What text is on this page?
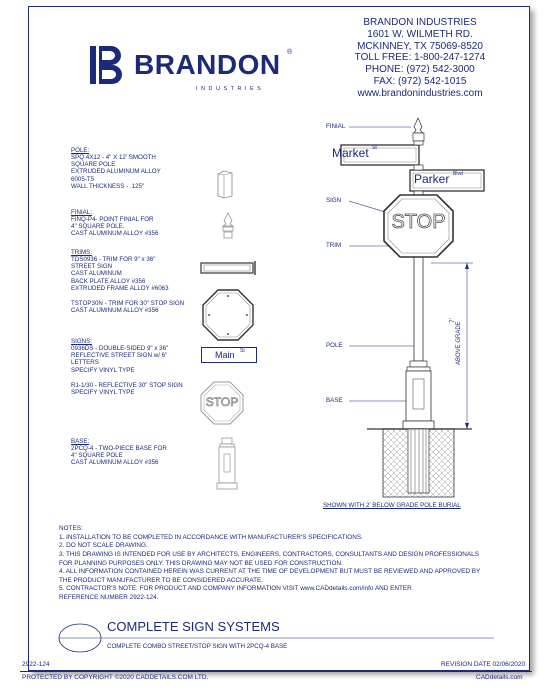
BRANDON ®
INDUSTRIES
BRANDON INDUSTRIES
1601 W. WILMETH RD.
MCKINNEY, TX 75069-8520
TOLL FREE: 1-800-247-1274
PHONE: (972) 542-3000
FAX: (972) 542-1015
www.brandonindustries.com
POLE:
SPQ 4X12 - 4" X 12' SMOOTH
SQUARE POLE
EXTRUDED ALUMINUM ALLOY
6005-T5
WALL THICKNESS - .125"
FINIAL:
FINQ-P4- POINT FINIAL FOR
4" SQUARE POLE.
CAST ALUMINUM ALLOY #356
TRIMS:
TDS0936 - TRIM FOR 9" x 36"
STREET SIGN
CAST ALUMINUM
BACK PLATE ALLOY #356
EXTRUDED FRAME ALLOY #6063
TSTOP30N - TRIM FOR 30" STOP SIGN
CAST ALUMINUM ALLOY #356
SIGNS:
0936DS - DOUBLE-SIDED 9" x 36"
REFLECTIVE STREET SIGN w/ 6"
LETTERS
SPECIFY VINYL TYPE
R1-1/30 - REFLECTIVE 30" STOP SIGN
SPECIFY VINYL TYPE
BASE:
2PCQ-4 - TWO-PIECE BASE FOR
4" SQUARE POLE
CAST ALUMINUM ALLOY #356
Main St
STOP
FINIAL
SIGN
TRIM
POLE
BASE
Market St
Parker Blvd
STOP
7'
ABOVE GRADE
SHOWN WITH 2' BELOW GRADE POLE BURIAL
NOTES:
1. INSTALLATION TO BE COMPLETED IN ACCORDANCE WITH MANUFACTURER'S SPECIFICATIONS.
2. DO NOT SCALE DRAWING.
3. THIS DRAWING IS INTENDED FOR USE BY ARCHITECTS, ENGINEERS, CONTRACTORS, CONSULTANTS AND DESIGN PROFESSIONALS
FOR PLANNING PURPOSES ONLY. THIS DRAWING MAY NOT BE USED FOR CONSTRUCTION.
4. ALL INFORMATION CONTAINED HEREIN WAS CURRENT AT THE TIME OF DEVELOPMENT BUT MUST BE REVIEWED AND APPROVED BY
THE PRODUCT MANUFACTURER TO BE CONSIDERED ACCURATE.
5. CONTRACTOR'S NOTE: FOR PRODUCT AND COMPANY INFORMATION VISIT www.CADdetails.com/info AND ENTER
REFERENCE NUMBER 2922-124.
COMPLETE SIGN SYSTEMS
COMPLETE COMBO STREET/STOP SIGN WITH 2PCQ-4 BASE
2922-124	REVISION DATE 02/06/2020
PROTECTED BY COPYRIGHT ©2020 CADDETAILS.COM LTD.	CADdetails.com
